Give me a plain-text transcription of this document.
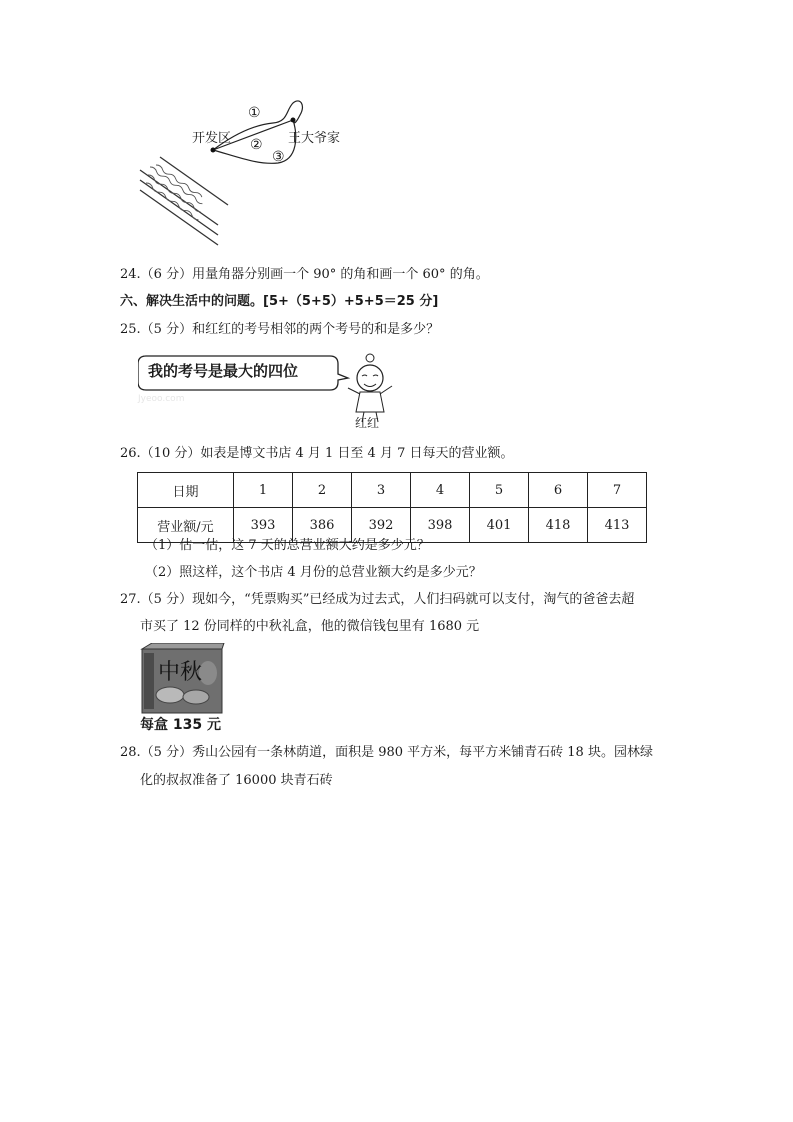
开发区	王大爷家
①
②
③
24.（6 分）用量角器分别画一个 90° 的角和画一个 60° 的角。
六、解决生活中的问题。[5+（5+5）+5+5＝25 分]
25.（5 分）和红红的考号相邻的两个考号的和是多少？
我的考号是最大的四位
Jyeoo.com
红红
26.（10 分）如表是博文书店 4 月 1 日至 4 月 7 日每天的营业额。
日期	1	2	3	4	5	6	7
营业额/元	393	386	392	398	401	418	413
（1）估一估，这 7 天的总营业额大约是多少元？
（2）照这样，这个书店 4 月份的总营业额大约是多少元？
27.（5 分）现如今，“凭票购买”已经成为过去式，人们扫码就可以支付，淘气的爸爸去超
市买了 12 份同样的中秋礼盒，他的微信钱包里有 1680 元
中秋
每盒 135 元
28.（5 分）秀山公园有一条林荫道，面积是 980 平方米，每平方米铺青石砖 18 块。园林绿
化的叔叔准备了 16000 块青石砖
